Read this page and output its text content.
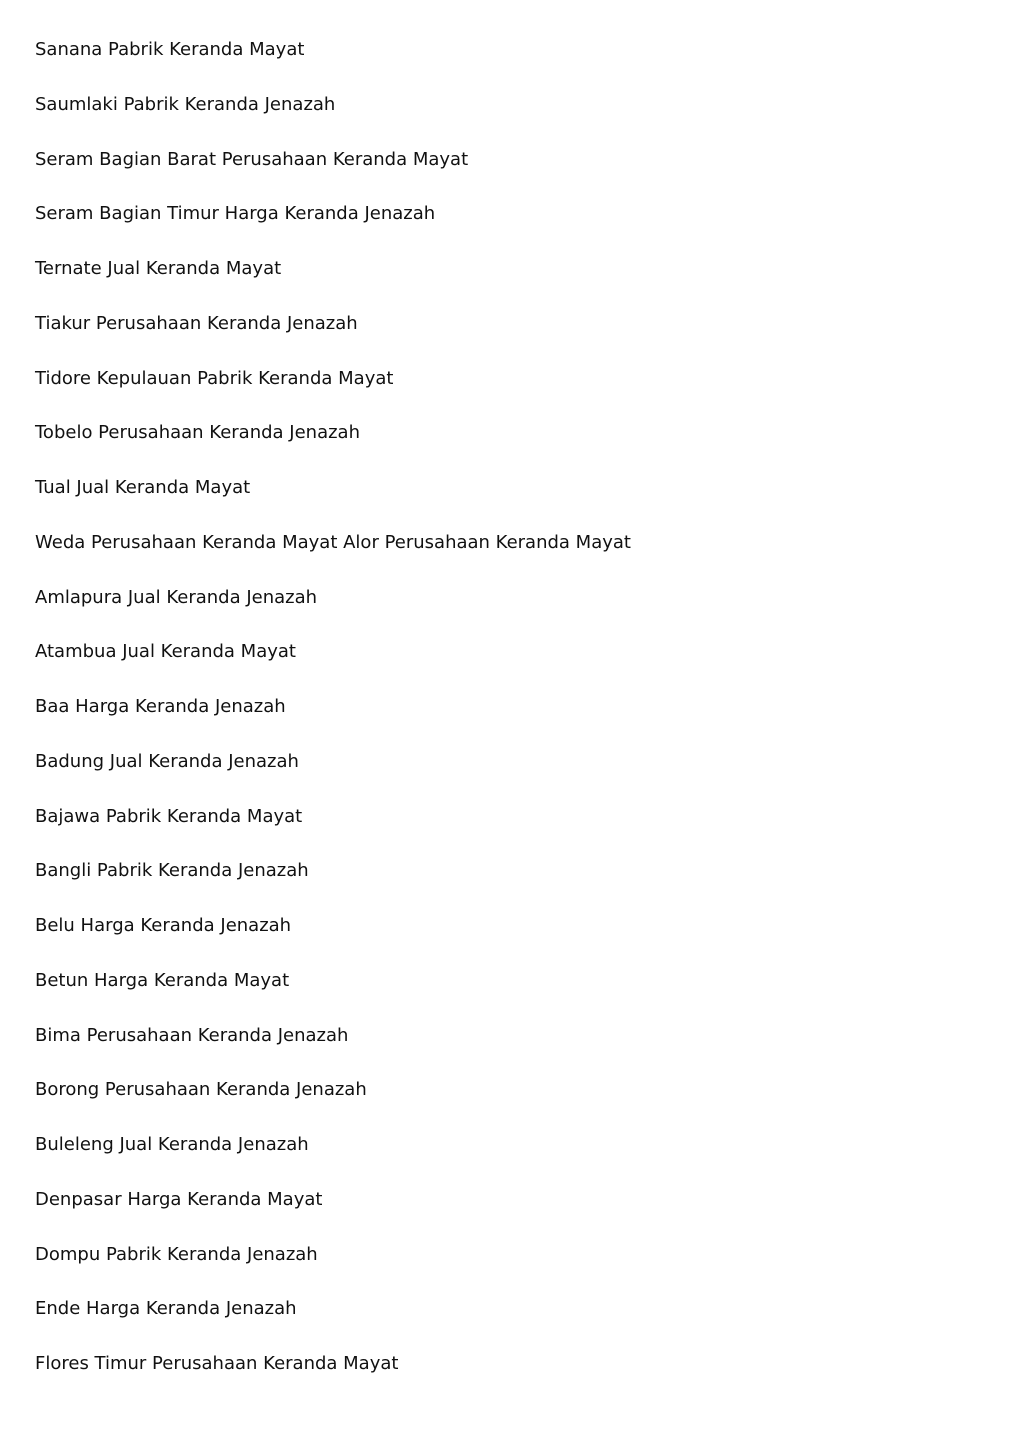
Sanana Pabrik Keranda Mayat
Saumlaki Pabrik Keranda Jenazah
Seram Bagian Barat Perusahaan Keranda Mayat
Seram Bagian Timur Harga Keranda Jenazah
Ternate Jual Keranda Mayat
Tiakur Perusahaan Keranda Jenazah
Tidore Kepulauan Pabrik Keranda Mayat
Tobelo Perusahaan Keranda Jenazah
Tual Jual Keranda Mayat
Weda Perusahaan Keranda Mayat Alor Perusahaan Keranda Mayat
Amlapura Jual Keranda Jenazah
Atambua Jual Keranda Mayat
Baa Harga Keranda Jenazah
Badung Jual Keranda Jenazah
Bajawa Pabrik Keranda Mayat
Bangli Pabrik Keranda Jenazah
Belu Harga Keranda Jenazah
Betun Harga Keranda Mayat
Bima Perusahaan Keranda Jenazah
Borong Perusahaan Keranda Jenazah
Buleleng Jual Keranda Jenazah
Denpasar Harga Keranda Mayat
Dompu Pabrik Keranda Jenazah
Ende Harga Keranda Jenazah
Flores Timur Perusahaan Keranda Mayat
